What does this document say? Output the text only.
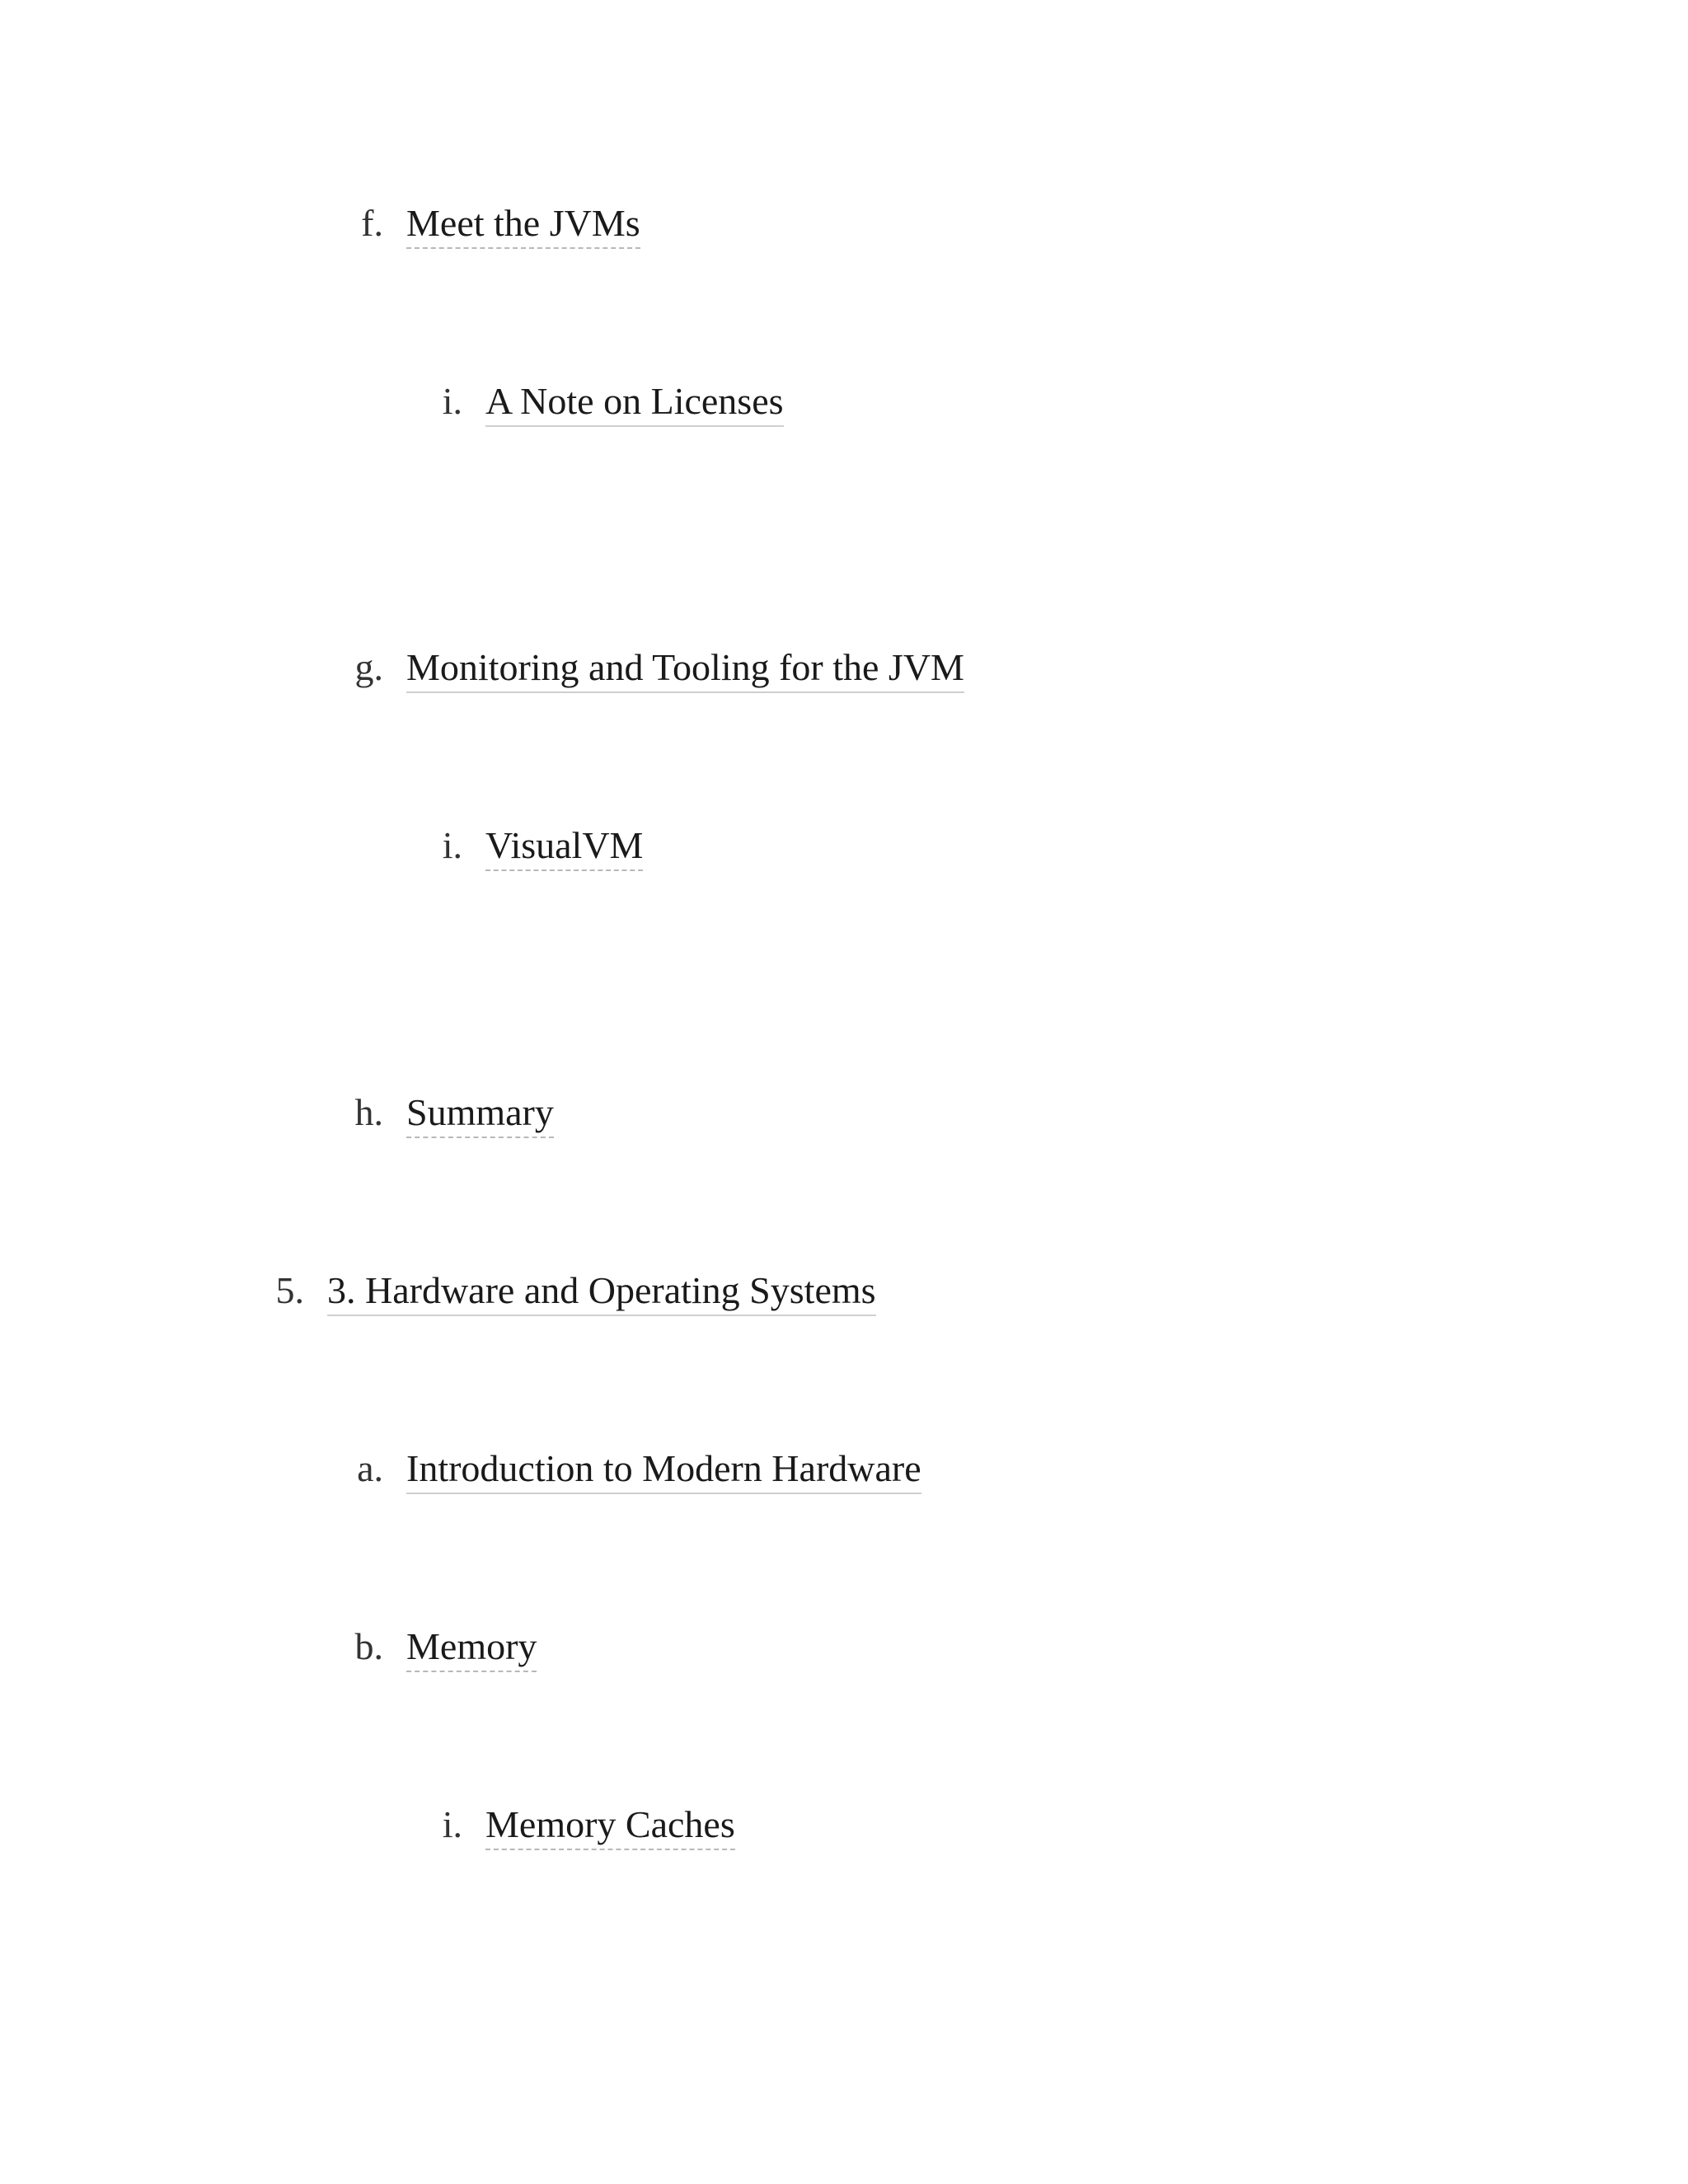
f. Meet the JVMs
i. A Note on Licenses
g. Monitoring and Tooling for the JVM
i. VisualVM
h. Summary
5. 3. Hardware and Operating Systems
a. Introduction to Modern Hardware
b. Memory
i. Memory Caches
